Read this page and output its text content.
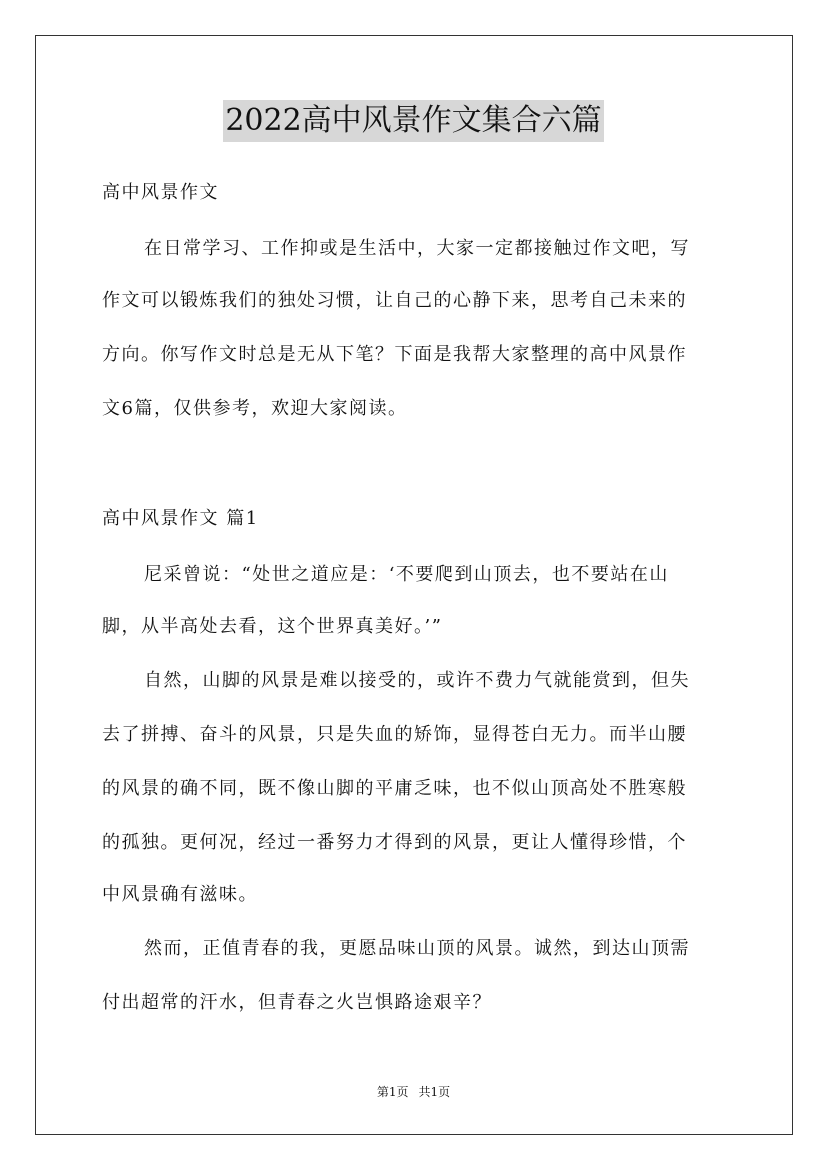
2022高中风景作文集合六篇
高中风景作文
在日常学习、工作抑或是生活中，大家一定都接触过作文吧，写
作文可以锻炼我们的独处习惯，让自己的心静下来，思考自己未来的
方向。你写作文时总是无从下笔？下面是我帮大家整理的高中风景作
文6篇，仅供参考，欢迎大家阅读。
高中风景作文 篇1
尼采曾说：“处世之道应是：‘不要爬到山顶去，也不要站在山
脚，从半高处去看，这个世界真美好。’”
自然，山脚的风景是难以接受的，或许不费力气就能赏到，但失
去了拼搏、奋斗的风景，只是失血的矫饰，显得苍白无力。而半山腰
的风景的确不同，既不像山脚的平庸乏味，也不似山顶高处不胜寒般
的孤独。更何况，经过一番努力才得到的风景，更让人懂得珍惜，个
中风景确有滋味。
然而，正值青春的我，更愿品味山顶的风景。诚然，到达山顶需
付出超常的汗水，但青春之火岂惧路途艰辛？
第1页 共1页
